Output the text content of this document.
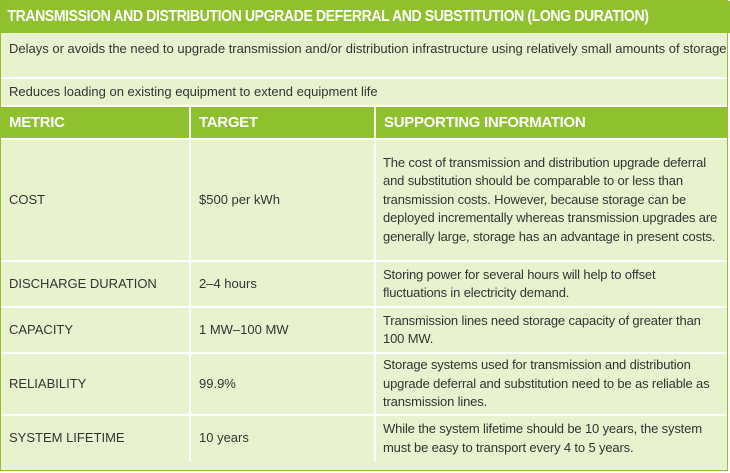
TRANSMISSION AND DISTRIBUTION UPGRADE DEFERRAL AND SUBSTITUTION (LONG DURATION)
Delays or avoids the need to upgrade transmission and/or distribution infrastructure using relatively small amounts of storage
Reduces loading on existing equipment to extend equipment life
METRIC	TARGET	SUPPORTING INFORMATION
COST	$500 per kWh	The cost of transmission and distribution upgrade deferral and substitution should be comparable to or less than transmission costs. However, because storage can be deployed incrementally whereas transmission upgrades are generally large, storage has an advantage in present costs.
DISCHARGE DURATION	2–4 hours	Storing power for several hours will help to offset fluctuations in electricity demand.
CAPACITY	1 MW–100 MW	Transmission lines need storage capacity of greater than 100 MW.
RELIABILITY	99.9%	Storage systems used for transmission and distribution upgrade deferral and substitution need to be as reliable as transmission lines.
SYSTEM LIFETIME	10 years	While the system lifetime should be 10 years, the system must be easy to transport every 4 to 5 years.
